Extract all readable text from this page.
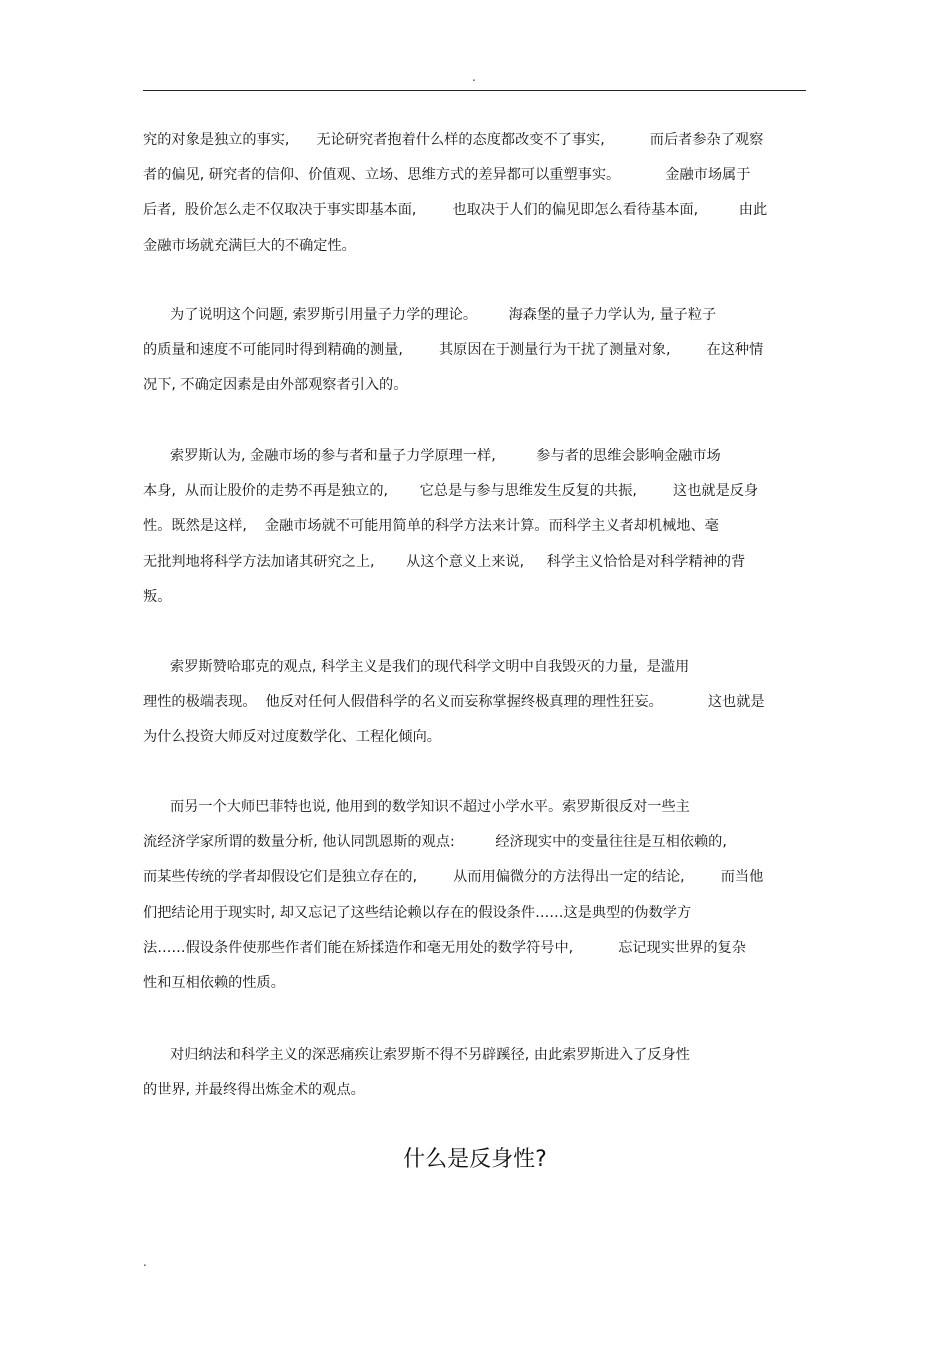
.
究的对象是独立的事实,      无论研究者抱着什么样的态度都改变不了事实,          而后者参杂了观察
者的偏见, 研究者的信仰、价值观、立场、思维方式的差异都可以重塑事实。          金融市场属于
后者,  股价怎么走不仅取决于事实即基本面,        也取决于人们的偏见即怎么看待基本面,         由此
金融市场就充满巨大的不确定性。
为了说明这个问题, 索罗斯引用量子力学的理论。       海森堡的量子力学认为, 量子粒子
的质量和速度不可能同时得到精确的测量,        其原因在于测量行为干扰了测量对象,        在这种情
况下, 不确定因素是由外部观察者引入的。
索罗斯认为, 金融市场的参与者和量子力学原理一样,         参与者的思维会影响金融市场
本身,  从而让股价的走势不再是独立的,       它总是与参与思维发生反复的共振,        这也就是反身
性。既然是这样,    金融市场就不可能用简单的科学方法来计算。而科学主义者却机械地、毫
无批判地将科学方法加诸其研究之上,       从这个意义上来说,     科学主义恰恰是对科学精神的背
叛。
索罗斯赞哈耶克的观点, 科学主义是我们的现代科学文明中自我毁灭的力量,  是滥用
理性的极端表现。  他反对任何人假借科学的名义而妄称掌握终极真理的理性狂妄。          这也就是
为什么投资大师反对过度数学化、工程化倾向。
而另一个大师巴菲特也说, 他用到的数学知识不超过小学水平。索罗斯很反对一些主
流经济学家所谓的数量分析, 他认同凯恩斯的观点:         经济现实中的变量往往是互相依赖的,
而某些传统的学者却假设它们是独立存在的,        从而用偏微分的方法得出一定的结论,        而当他
们把结论用于现实时, 却又忘记了这些结论赖以存在的假设条件……这是典型的伪数学方
法……假设条件使那些作者们能在矫揉造作和毫无用处的数学符号中,          忘记现实世界的复杂
性和互相依赖的性质。
对归纳法和科学主义的深恶痛疾让索罗斯不得不另辟蹊径, 由此索罗斯进入了反身性
的世界, 并最终得出炼金术的观点。
什么是反身性?
.
